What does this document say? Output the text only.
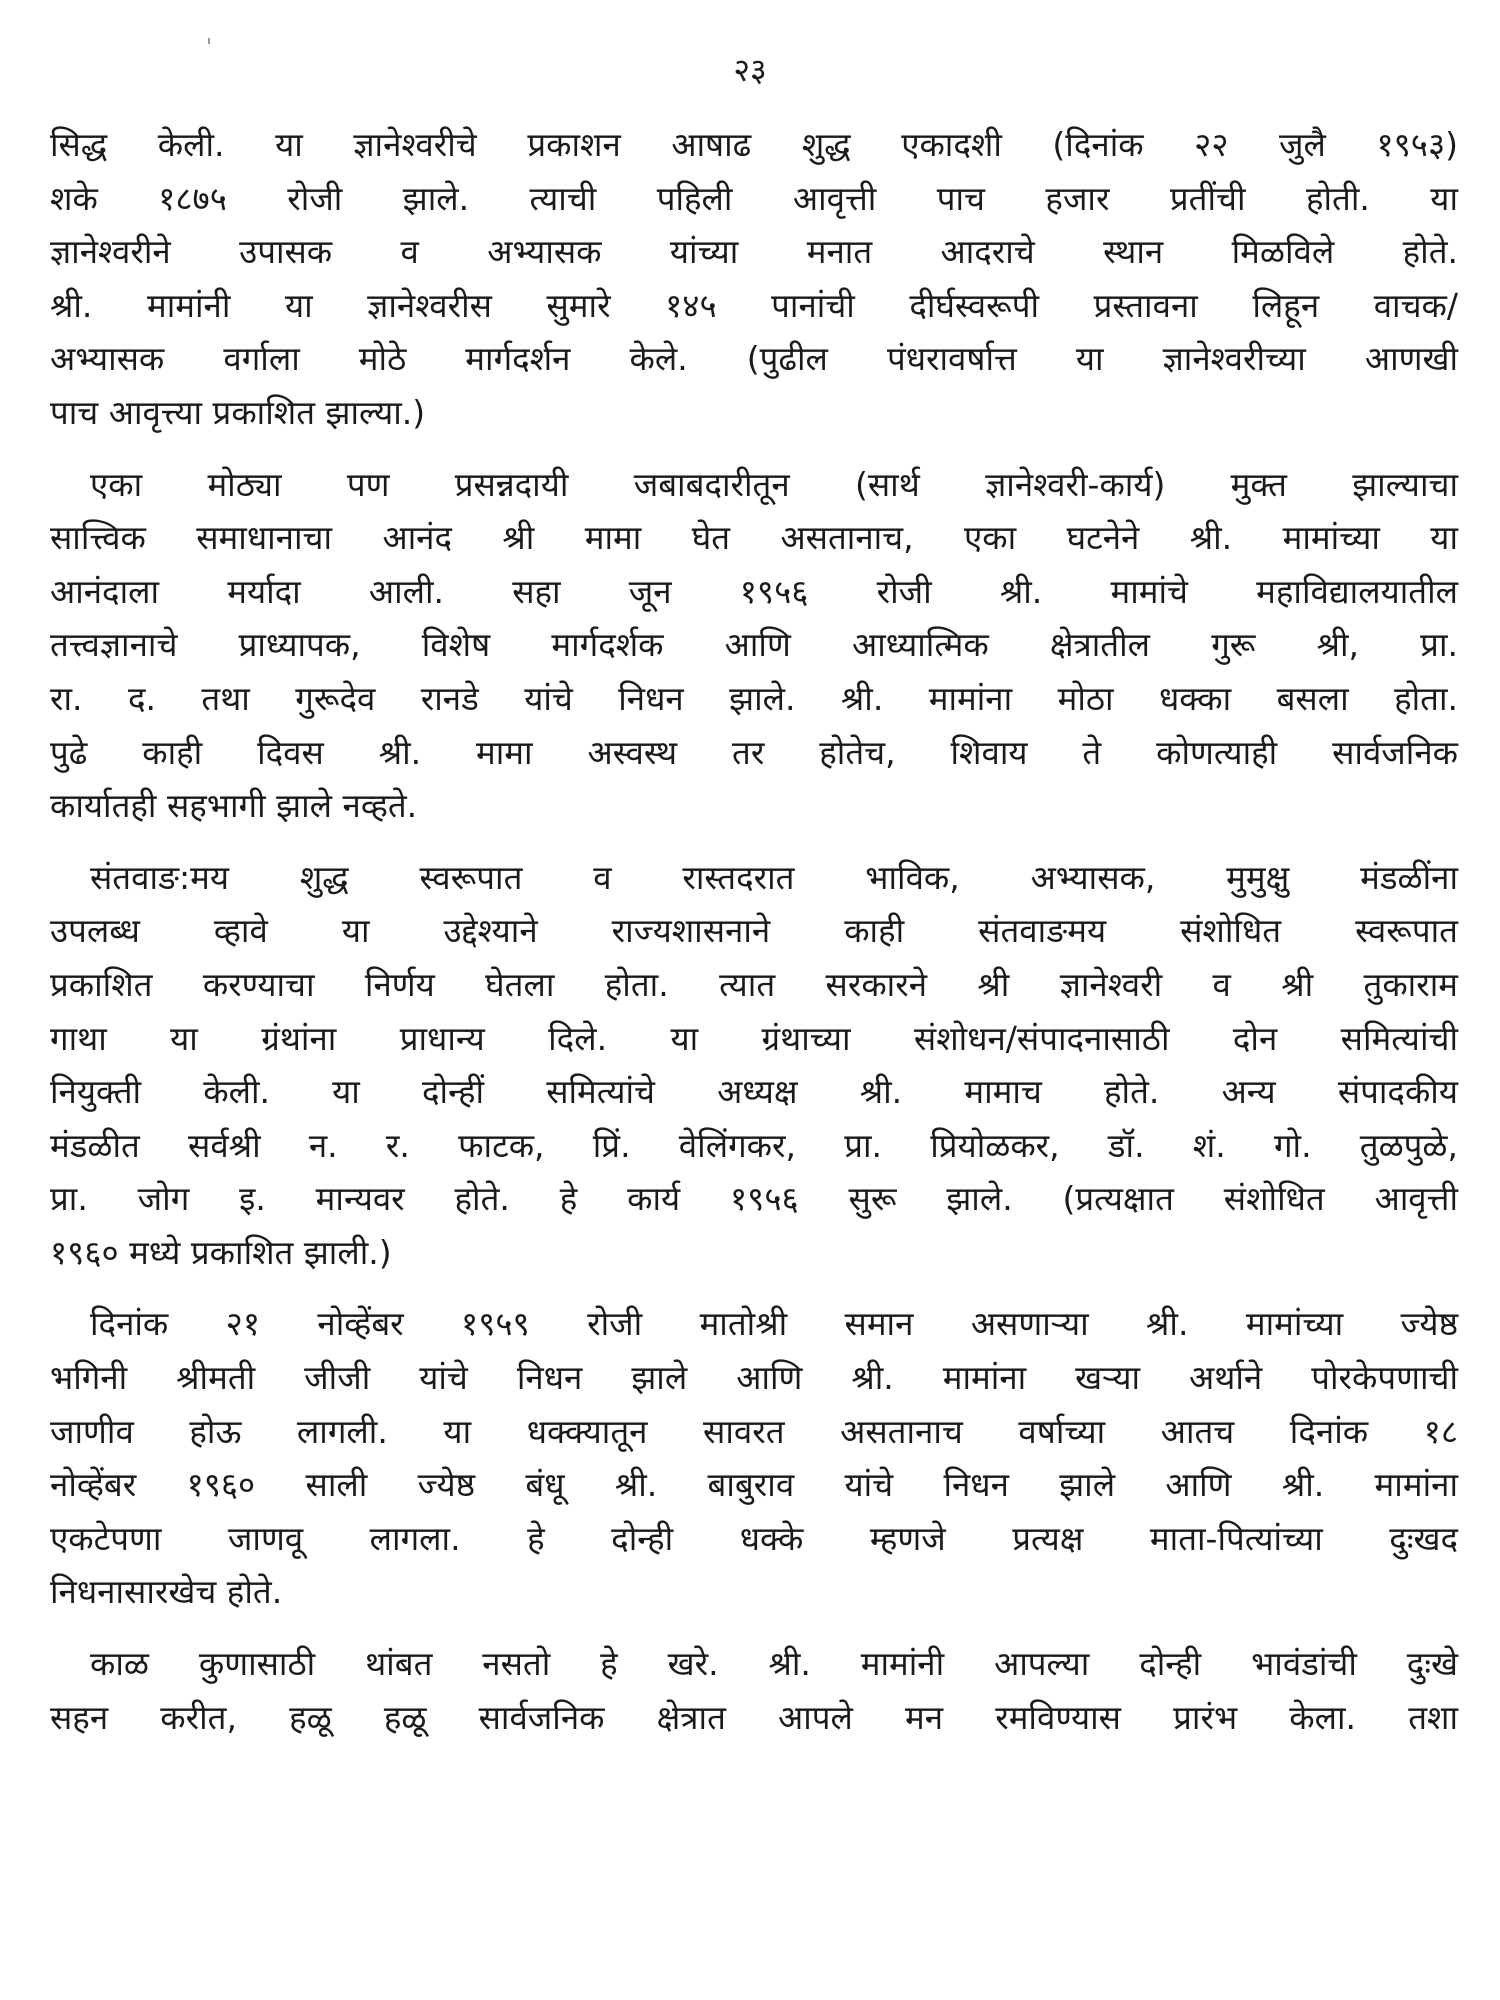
२३

सिद्ध केली. या ज्ञानेश्वरीचे प्रकाशन आषाढ शुद्ध एकादशी (दिनांक २२ जुलै १९५३)
शके १८७५ रोजी झाले. त्याची पहिली आवृत्ती पाच हजार प्रतींची होती. या
ज्ञानेश्वरीने उपासक व अभ्यासक यांच्या मनात आदराचे स्थान मिळविले होते.
श्री. मामांनी या ज्ञानेश्वरीस सुमारे १४५ पानांची दीर्घस्वरूपी प्रस्तावना लिहून वाचक/
अभ्यासक वर्गाला मोठे मार्गदर्शन केले. (पुढील पंधरावर्षात्त या ज्ञानेश्वरीच्या आणखी
पाच आवृत्त्या प्रकाशित झाल्या.)

एका मोठ्या पण प्रसन्नदायी जबाबदारीतून (सार्थ ज्ञानेश्वरी-कार्य) मुक्त झाल्याचा
सात्त्विक समाधानाचा आनंद श्री मामा घेत असतानाच, एका घटनेने श्री. मामांच्या या
आनंदाला मर्यादा आली. सहा जून १९५६ रोजी श्री. मामांचे महाविद्यालयातील
तत्त्वज्ञानाचे प्राध्यापक, विशेष मार्गदर्शक आणि आध्यात्मिक क्षेत्रातील गुरू श्री, प्रा.
रा. द. तथा गुरूदेव रानडे यांचे निधन झाले. श्री. मामांना मोठा धक्का बसला होता.
पुढे काही दिवस श्री. मामा अस्वस्थ तर होतेच, शिवाय ते कोणत्याही सार्वजनिक
कार्यातही सहभागी झाले नव्हते.

संतवाङ:मय शुद्ध स्वरूपात व रास्तदरात भाविक, अभ्यासक, मुमुक्षु मंडळींना
उपलब्ध व्हावे या उद्देश्याने राज्यशासनाने काही संतवाङमय संशोधित स्वरूपात
प्रकाशित करण्याचा निर्णय घेतला होता. त्यात सरकारने श्री ज्ञानेश्वरी व श्री तुकाराम
गाथा या ग्रंथांना प्राधान्य दिले. या ग्रंथाच्या संशोधन/संपादनासाठी दोन समित्यांची
नियुक्ती केली. या दोन्हीं समित्यांचे अध्यक्ष श्री. मामाच होते. अन्य संपादकीय
मंडळीत सर्वश्री न. र. फाटक, प्रिं. वेलिंगकर, प्रा. प्रियोळकर, डॉ. शं. गो. तुळपुळे,
प्रा. जोग इ. मान्यवर होते. हे कार्य १९५६ सुरू झाले. (प्रत्यक्षात संशोधित आवृत्ती
१९६० मध्ये प्रकाशित झाली.)

दिनांक २१ नोव्हेंबर १९५९ रोजी मातोश्री समान असणाऱ्या श्री. मामांच्या ज्येष्ठ
भगिनी श्रीमती जीजी यांचे निधन झाले आणि श्री. मामांना खऱ्या अर्थाने पोरकेपणाची
जाणीव होऊ लागली. या धक्क्यातून सावरत असतानाच वर्षाच्या आतच दिनांक १८
नोव्हेंबर १९६० साली ज्येष्ठ बंधू श्री. बाबुराव यांचे निधन झाले आणि श्री. मामांना
एकटेपणा जाणवू लागला. हे दोन्ही धक्के म्हणजे प्रत्यक्ष माता-पित्यांच्या दुःखद
निधनासारखेच होते.

काळ कुणासाठी थांबत नसतो हे खरे. श्री. मामांनी आपल्या दोन्ही भावंडांची दुःखे
सहन करीत, हळू हळू सार्वजनिक क्षेत्रात आपले मन रमविण्यास प्रारंभ केला. तशा
